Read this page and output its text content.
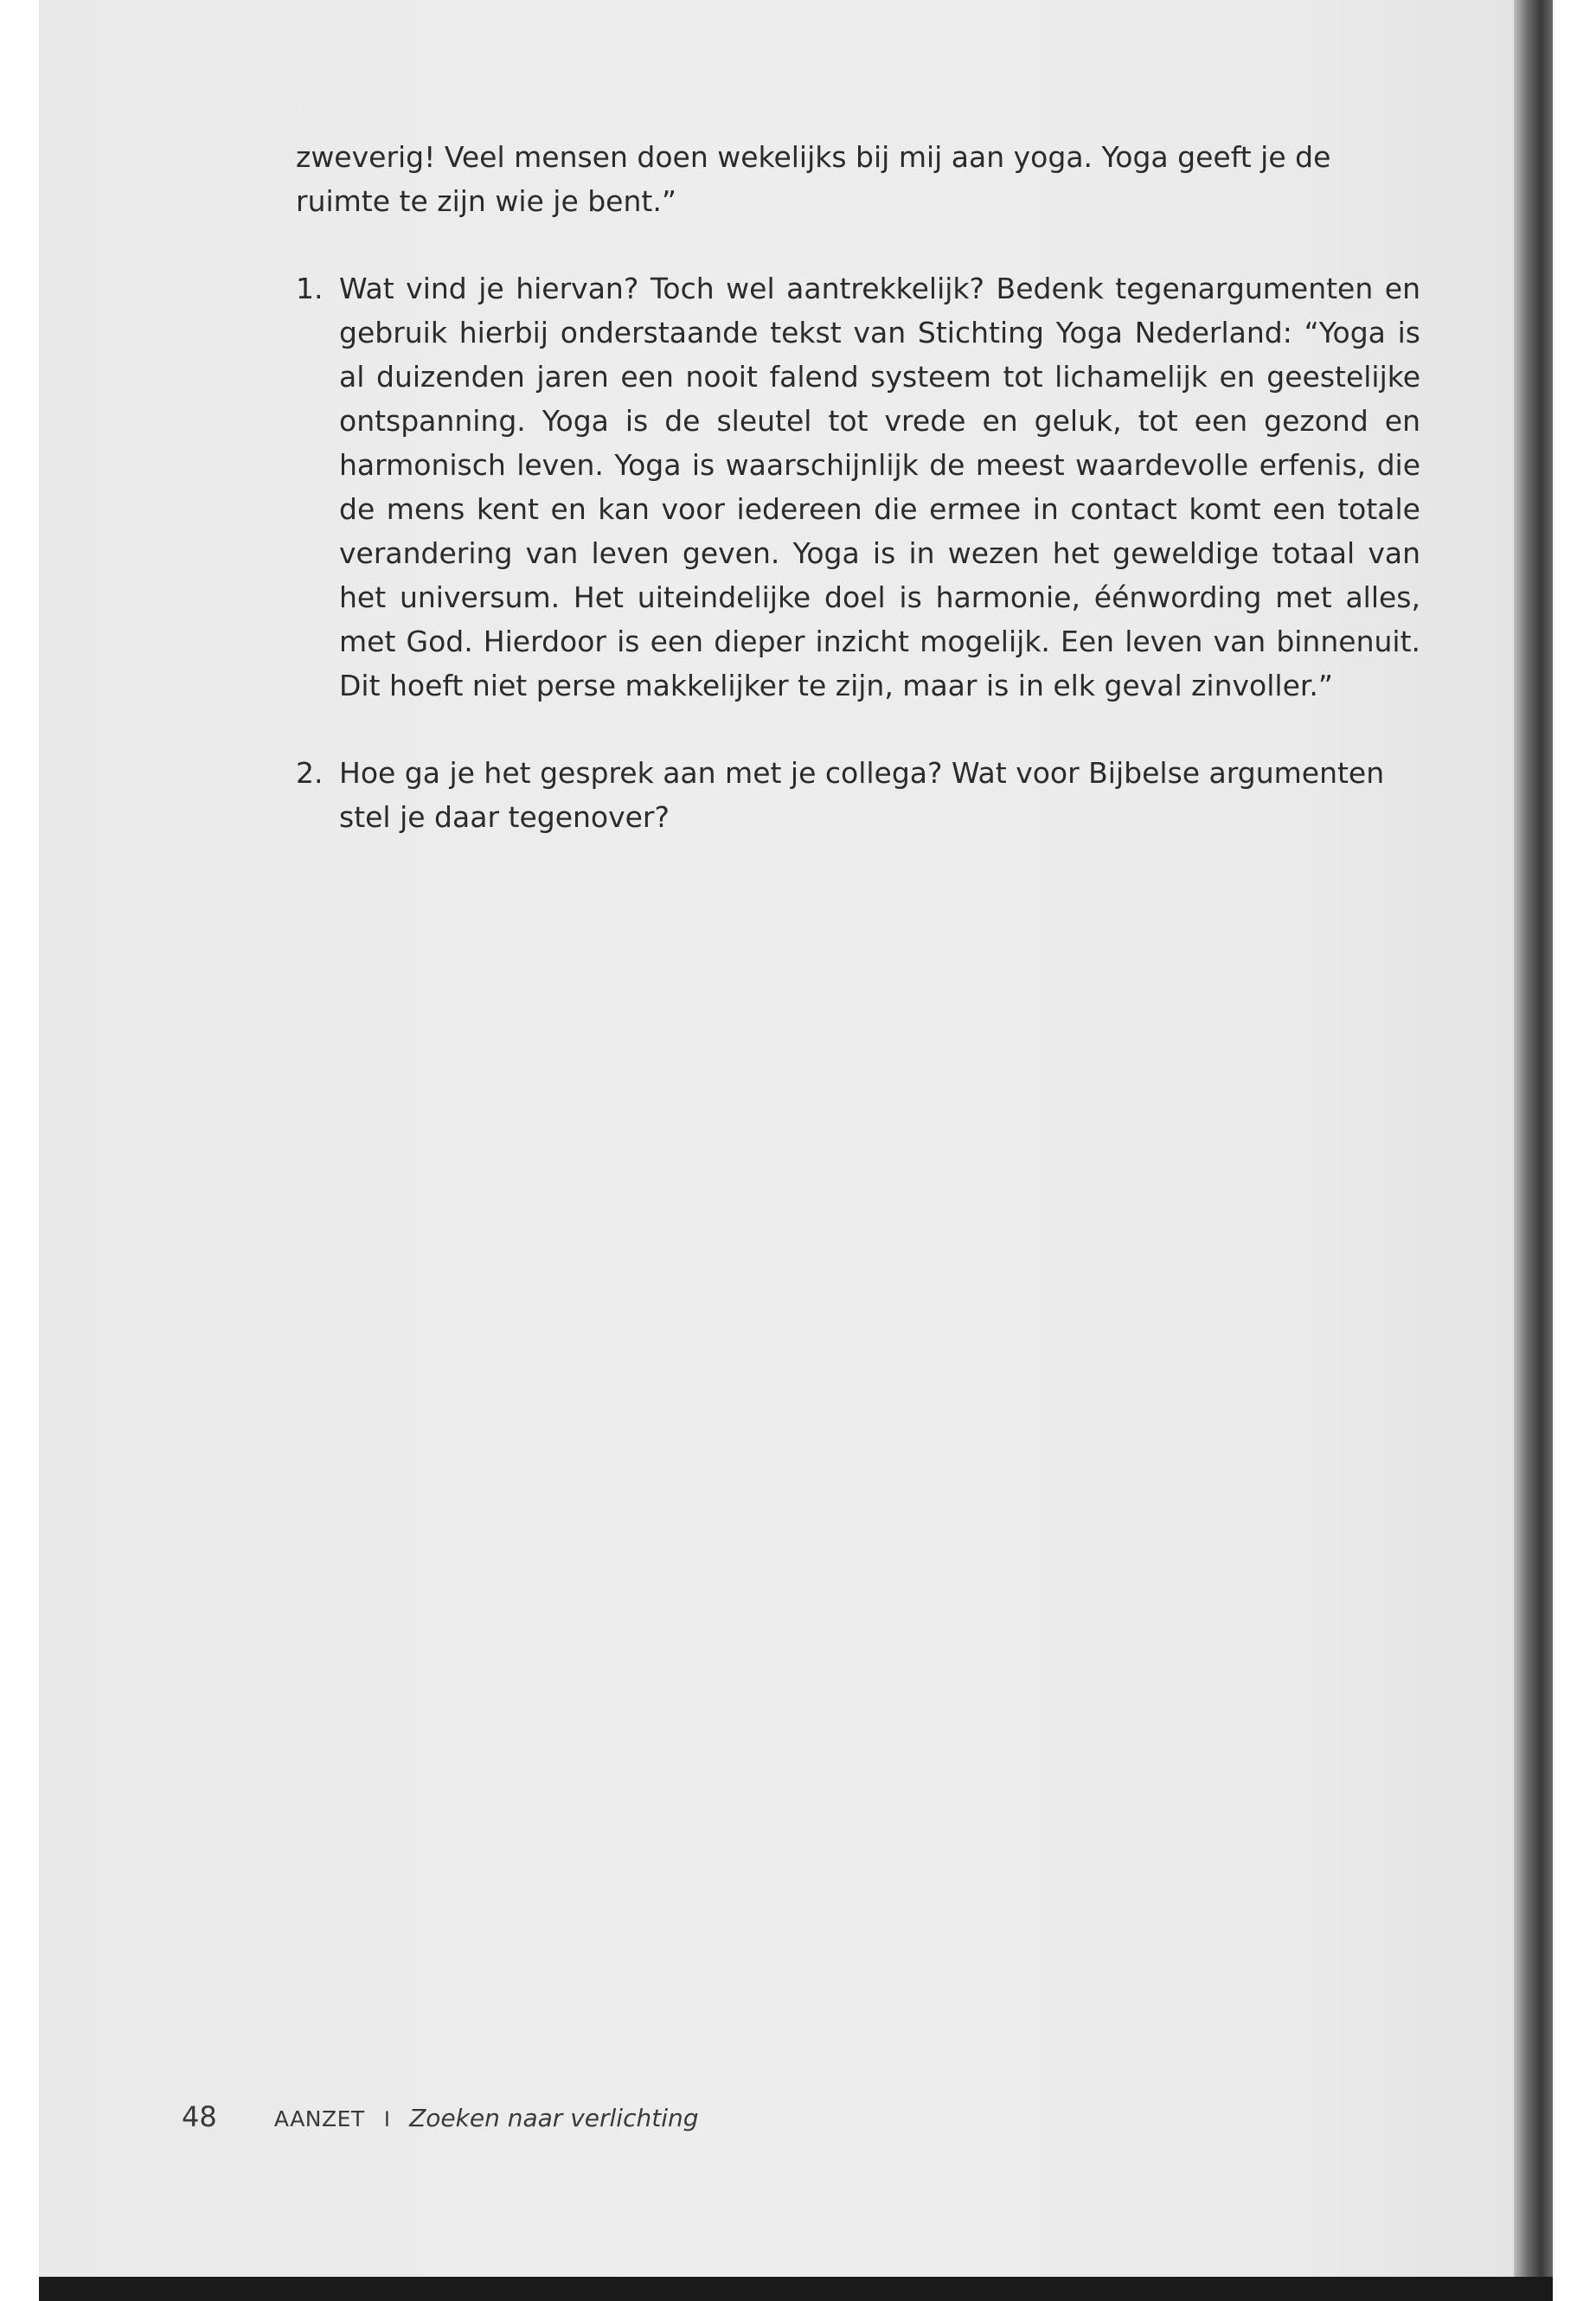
zweverig! Veel mensen doen wekelijks bij mij aan yoga. Yoga geeft je de ruimte te zijn wie je bent.”

1. Wat vind je hiervan? Toch wel aantrekkelijk? Bedenk tegenargumenten en gebruik hierbij onderstaande tekst van Stichting Yoga Nederland: “Yoga is al duizenden jaren een nooit falend systeem tot lichamelijk en geestelijke ontspanning. Yoga is de sleutel tot vrede en geluk, tot een gezond en harmonisch leven. Yoga is waarschijnlijk de meest waardevolle erfenis, die de mens kent en kan voor iedereen die ermee in contact komt een totale verandering van leven geven. Yoga is in wezen het geweldige totaal van het universum. Het uiteindelijke doel is harmonie, éénwording met alles, met God. Hierdoor is een dieper inzicht mogelijk. Een leven van binnenuit. Dit hoeft niet perse makkelijker te zijn, maar is in elk geval zinvoller.”
2. Hoe ga je het gesprek aan met je collega? Wat voor Bijbelse argumenten stel je daar tegenover?
48	AANZET I Zoeken naar verlichting
